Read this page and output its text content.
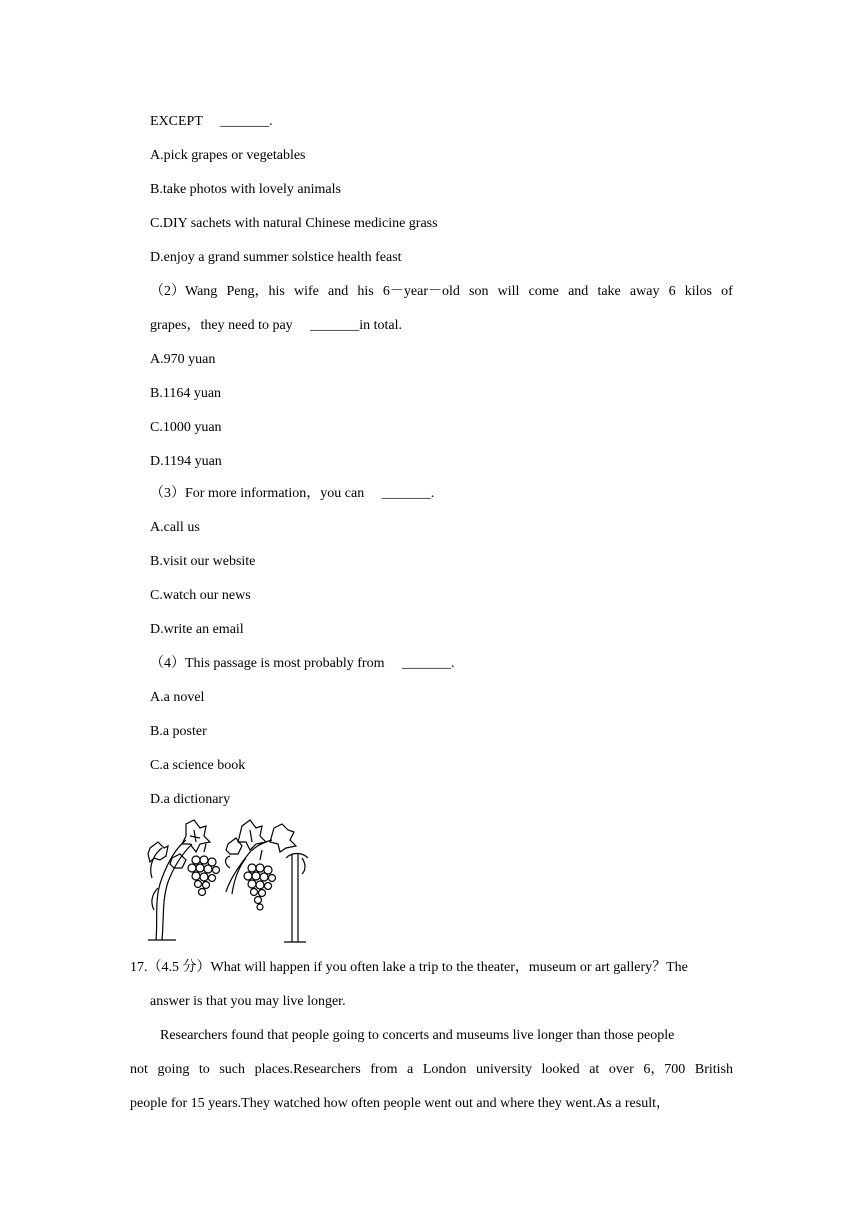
EXCEPT _______.
A.pick grapes or vegetables
B.take photos with lovely animals
C.DIY sachets with natural Chinese medicine grass
D.enjoy a grand summer solstice health feast
（2）Wang Peng，his wife and his 6－year－old son will come and take away 6 kilos of
grapes，they need to pay _______in total.
A.970 yuan
B.1164 yuan
C.1000 yuan
D.1194 yuan
（3）For more information，you can _______.
A.call us
B.visit our website
C.watch our news
D.write an email
（4）This passage is most probably from _______.
A.a novel
B.a poster
C.a science book
D.a dictionary
17.（4.5 分）What will happen if you often lake a trip to the theater，museum or art gallery？The
answer is that you may live longer.
Researchers found that people going to concerts and museums live longer than those people
not going to such places.Researchers from a London university looked at over 6，700 British
people for 15 years.They watched how often people went out and where they went.As a result，
